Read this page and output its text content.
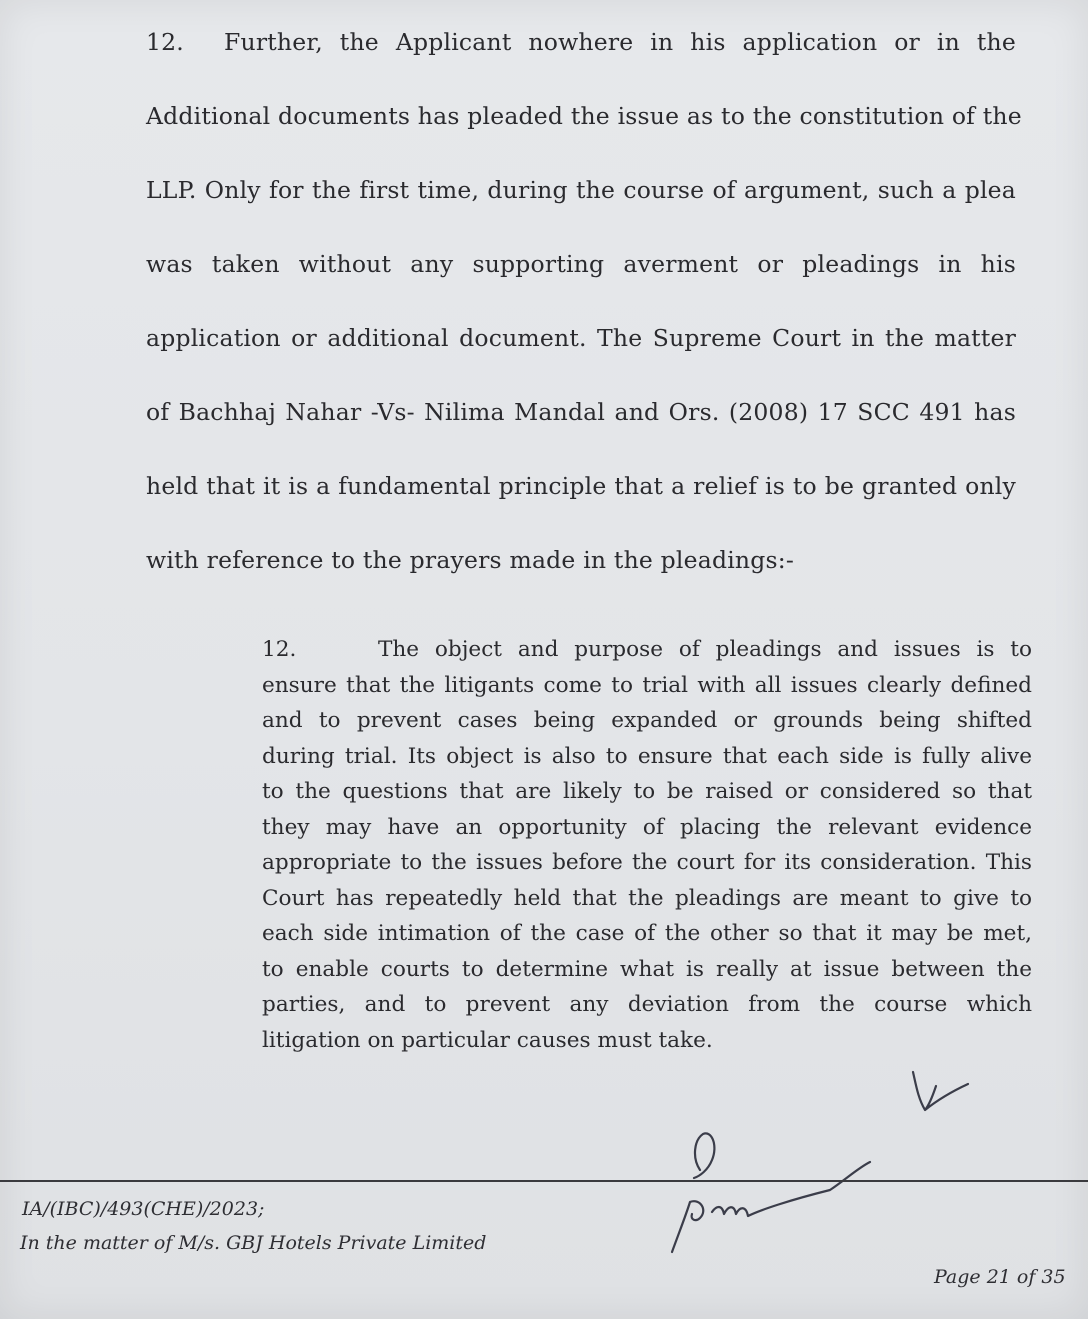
12. Further, the Applicant nowhere in his application or in the
Additional documents has pleaded the issue as to the constitution of the
LLP. Only for the first time, during the course of argument, such a plea
was taken without any supporting averment or pleadings in his
application or additional document. The Supreme Court in the matter
of Bachhaj Nahar -Vs- Nilima Mandal and Ors. (2008) 17 SCC 491 has
held that it is a fundamental principle that a relief is to be granted only
with reference to the prayers made in the pleadings:-
12.	The object and purpose of pleadings and issues is to
ensure that the litigants come to trial with all issues clearly defined
and to prevent cases being expanded or grounds being shifted
during trial. Its object is also to ensure that each side is fully alive
to the questions that are likely to be raised or considered so that
they may have an opportunity of placing the relevant evidence
appropriate to the issues before the court for its consideration. This
Court has repeatedly held that the pleadings are meant to give to
each side intimation of the case of the other so that it may be met,
to enable courts to determine what is really at issue between the
parties, and to prevent any deviation from the course which
litigation on particular causes must take.
IA/(IBC)/493(CHE)/2023;
In the matter of M/s. GBJ Hotels Private Limited
Page 21 of 35
